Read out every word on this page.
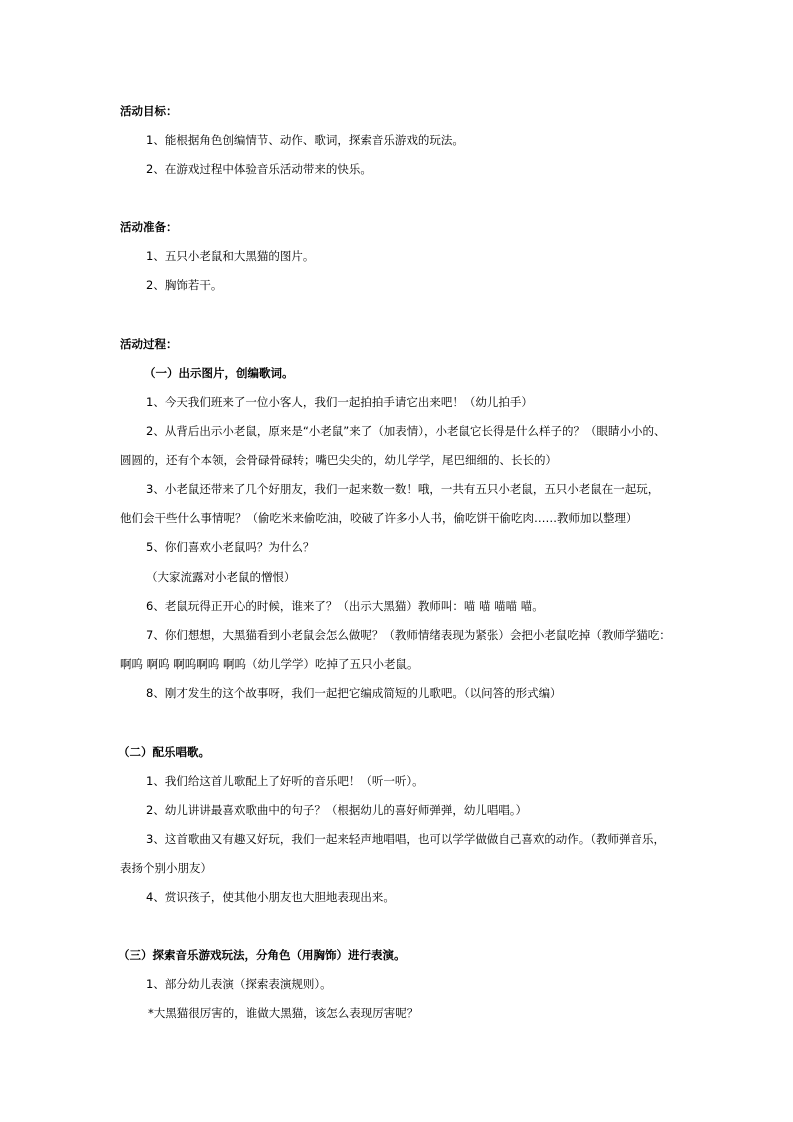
活动目标：
1、能根据角色创编情节、动作、歌词，探索音乐游戏的玩法。
2、在游戏过程中体验音乐活动带来的快乐。
活动准备：
1、五只小老鼠和大黑猫的图片。
2、胸饰若干。
活动过程：
（一）出示图片，创编歌词。
1、今天我们班来了一位小客人，我们一起拍拍手请它出来吧！（幼儿拍手）
2、从背后出示小老鼠，原来是“小老鼠”来了（加表情），小老鼠它长得是什么样子的？（眼睛小小的、
圆圆的，还有个本领，会骨碌骨碌转；嘴巴尖尖的，幼儿学学，尾巴细细的、长长的）
3、小老鼠还带来了几个好朋友，我们一起来数一数！哦，一共有五只小老鼠，五只小老鼠在一起玩，
他们会干些什么事情呢？（偷吃米来偷吃油，咬破了许多小人书，偷吃饼干偷吃肉……教师加以整理）
5、你们喜欢小老鼠吗？为什么？
（大家流露对小老鼠的憎恨）
6、老鼠玩得正开心的时候，谁来了？（出示大黑猫）教师叫：喵 喵 喵喵 喵。
7、你们想想，大黑猫看到小老鼠会怎么做呢？（教师情绪表现为紧张）会把小老鼠吃掉（教师学猫吃：
啊呜 啊呜 啊呜啊呜 啊呜（幼儿学学）吃掉了五只小老鼠。
8、刚才发生的这个故事呀，我们一起把它编成简短的儿歌吧。（以问答的形式编）
（二）配乐唱歌。
1、我们给这首儿歌配上了好听的音乐吧！（听一听）。
2、幼儿讲讲最喜欢歌曲中的句子？（根据幼儿的喜好师弹弹，幼儿唱唱。）
3、这首歌曲又有趣又好玩，我们一起来轻声地唱唱，也可以学学做做自己喜欢的动作。（教师弹音乐，
表扬个别小朋友）
4、赏识孩子，使其他小朋友也大胆地表现出来。
（三）探索音乐游戏玩法，分角色（用胸饰）进行表演。
1、部分幼儿表演（探索表演规则）。
*大黑猫很厉害的，谁做大黑猫，该怎么表现厉害呢？
